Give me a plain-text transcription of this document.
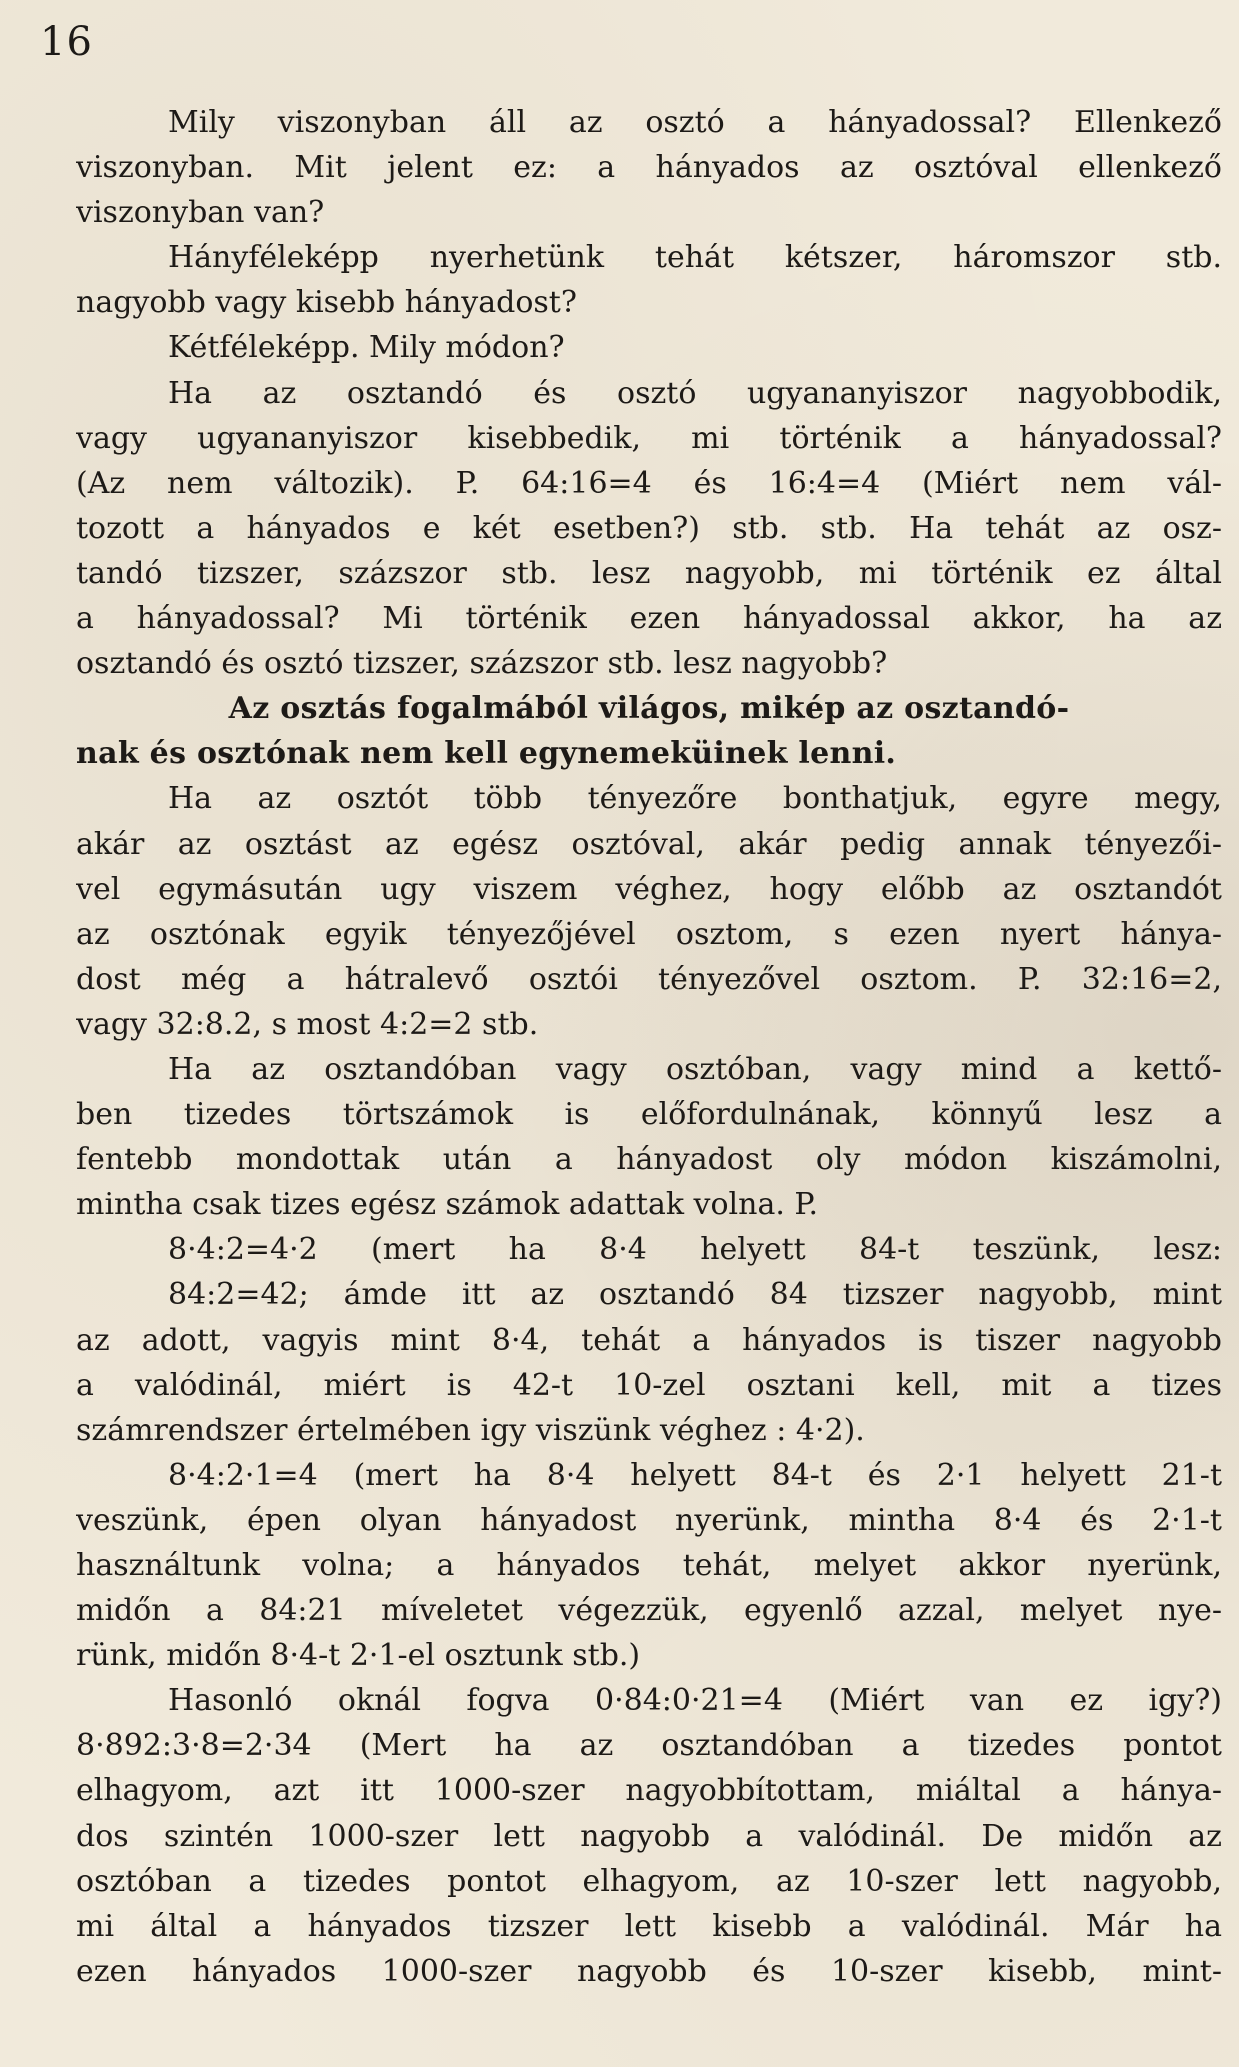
16
Mily viszonyban áll az osztó a hányadossal? Ellenkező
viszonyban. Mit jelent ez: a hányados az osztóval ellenkező
viszonyban van?
Hányféleképp nyerhetünk tehát kétszer, háromszor stb.
nagyobb vagy kisebb hányadost?
Kétféleképp. Mily módon?
Ha az osztandó és osztó ugyananyiszor nagyobbodik,
vagy ugyananyiszor kisebbedik, mi történik a hányadossal?
(Az nem változik). P. 64:16=4 és 16:4=4 (Miért nem vál-
tozott a hányados e két esetben?) stb. stb. Ha tehát az osz-
tandó tizszer, százszor stb. lesz nagyobb, mi történik ez által
a hányadossal? Mi történik ezen hányadossal akkor, ha az
osztandó és osztó tizszer, százszor stb. lesz nagyobb?
Az osztás fogalmából világos, mikép az osztandó-
nak és osztónak nem kell egynemeküinek lenni.
Ha az osztót több tényezőre bonthatjuk, egyre megy,
akár az osztást az egész osztóval, akár pedig annak tényezői-
vel egymásután ugy viszem véghez, hogy előbb az osztandót
az osztónak egyik tényezőjével osztom, s ezen nyert hánya-
dost még a hátralevő osztói tényezővel osztom. P. 32:16=2,
vagy 32:8.2, s most 4:2=2 stb.
Ha az osztandóban vagy osztóban, vagy mind a kettő-
ben tizedes törtszámok is előfordulnának, könnyű lesz a
fentebb mondottak után a hányadost oly módon kiszámolni,
mintha csak tizes egész számok adattak volna. P.
8·4:2=4·2 (mert ha 8·4 helyett 84-t teszünk, lesz:
84:2=42; ámde itt az osztandó 84 tizszer nagyobb, mint
az adott, vagyis mint 8·4, tehát a hányados is tiszer nagyobb
a valódinál, miért is 42-t 10-zel osztani kell, mit a tizes
számrendszer értelmében igy viszünk véghez : 4·2).
8·4:2·1=4 (mert ha 8·4 helyett 84-t és 2·1 helyett 21-t
veszünk, épen olyan hányadost nyerünk, mintha 8·4 és 2·1-t
használtunk volna; a hányados tehát, melyet akkor nyerünk,
midőn a 84:21 míveletet végezzük, egyenlő azzal, melyet nye-
rünk, midőn 8·4-t 2·1-el osztunk stb.)
Hasonló oknál fogva 0·84:0·21=4 (Miért van ez igy?)
8·892:3·8=2·34 (Mert ha az osztandóban a tizedes pontot
elhagyom, azt itt 1000-szer nagyobbítottam, miáltal a hánya-
dos szintén 1000-szer lett nagyobb a valódinál. De midőn az
osztóban a tizedes pontot elhagyom, az 10-szer lett nagyobb,
mi által a hányados tizszer lett kisebb a valódinál. Már ha
ezen hányados 1000-szer nagyobb és 10-szer kisebb, mint-
